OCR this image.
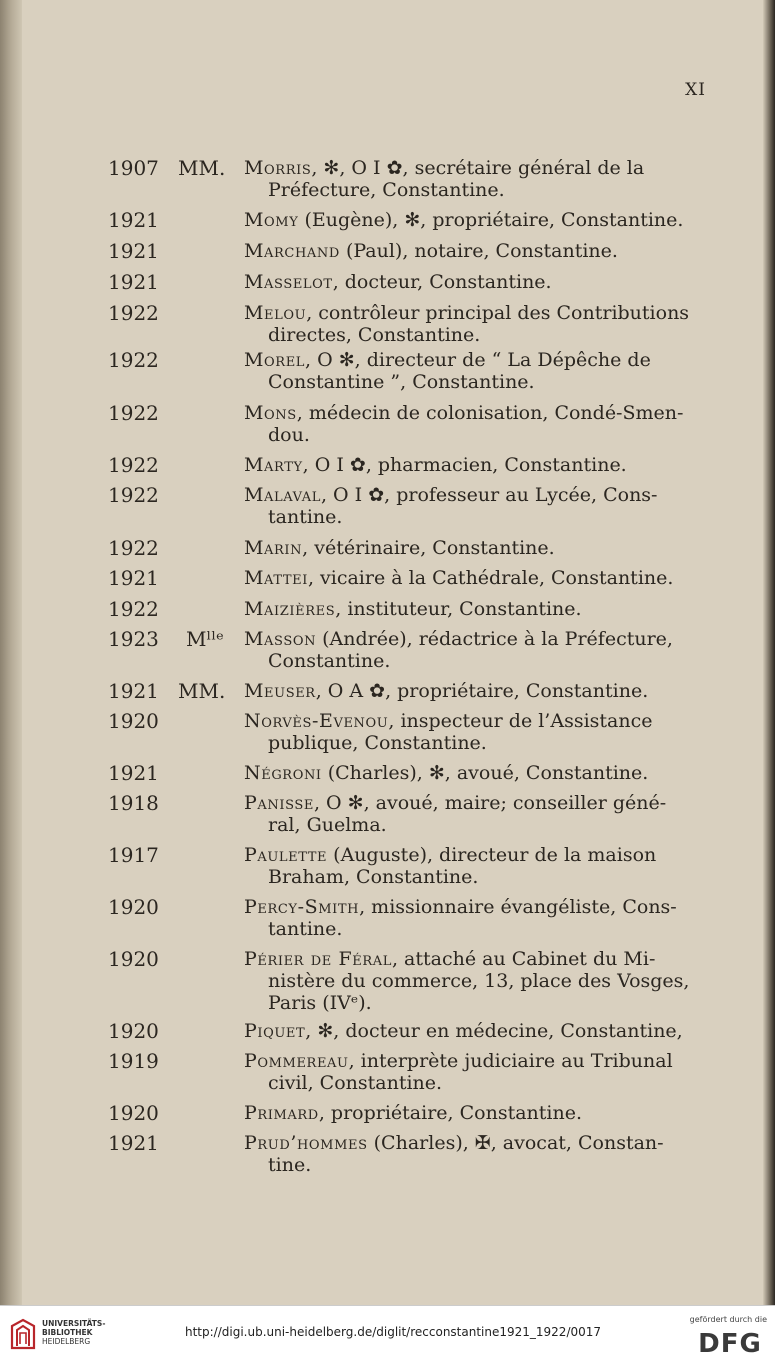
XI
1907 MM. Morris, ✻, O I ✿, secrétaire général de la
Préfecture, Constantine.
1921	Momy (Eugène), ✻, propriétaire, Constantine.
1921	Marchand (Paul), notaire, Constantine.
1921	Masselot, docteur, Constantine.
1922	Melou, contrôleur principal des Contributions
directes, Constantine.
1922	Morel, O ✻, directeur de “ La Dépêche de
Constantine ”, Constantine.
1922	Mons, médecin de colonisation, Condé-Smen-
dou.
1922	Marty, O I ✿, pharmacien, Constantine.
1922	Malaval, O I ✿, professeur au Lycée, Cons-
tantine.
1922	Marin, vétérinaire, Constantine.
1921	Mattei, vicaire à la Cathédrale, Constantine.
1922	Maizières, instituteur, Constantine.
1923 Mˡˡᵉ	Masson (Andrée), rédactrice à la Préfecture,
Constantine.
1921 MM. Meuser, O A ✿, propriétaire, Constantine.
1920	Norvès-Evenou, inspecteur de l’Assistance
publique, Constantine.
1921	Négroni (Charles), ✻, avoué, Constantine.
1918	Panisse, O ✻, avoué, maire; conseiller géné-
ral, Guelma.
1917	Paulette (Auguste), directeur de la maison
Braham, Constantine.
1920	Percy-Smith, missionnaire évangéliste, Cons-
tantine.
1920	Périer de Féral, attaché au Cabinet du Mi-
nistère du commerce, 13, place des Vosges,
Paris (IVᵉ).
1920	Piquet, ✻, docteur en médecine, Constantine,
1919	Pommereau, interprète judiciaire au Tribunal
civil, Constantine.
1920	Primard, propriétaire, Constantine.
1921	Prud’hommes (Charles), ✠, avocat, Constan-
tine.
UNIVERSITÄTS-
BIBLIOTHEK
HEIDELBERG
http://digi.ub.uni-heidelberg.de/diglit/recconstantine1921_1922/0017
gefördert durch die
DFG
